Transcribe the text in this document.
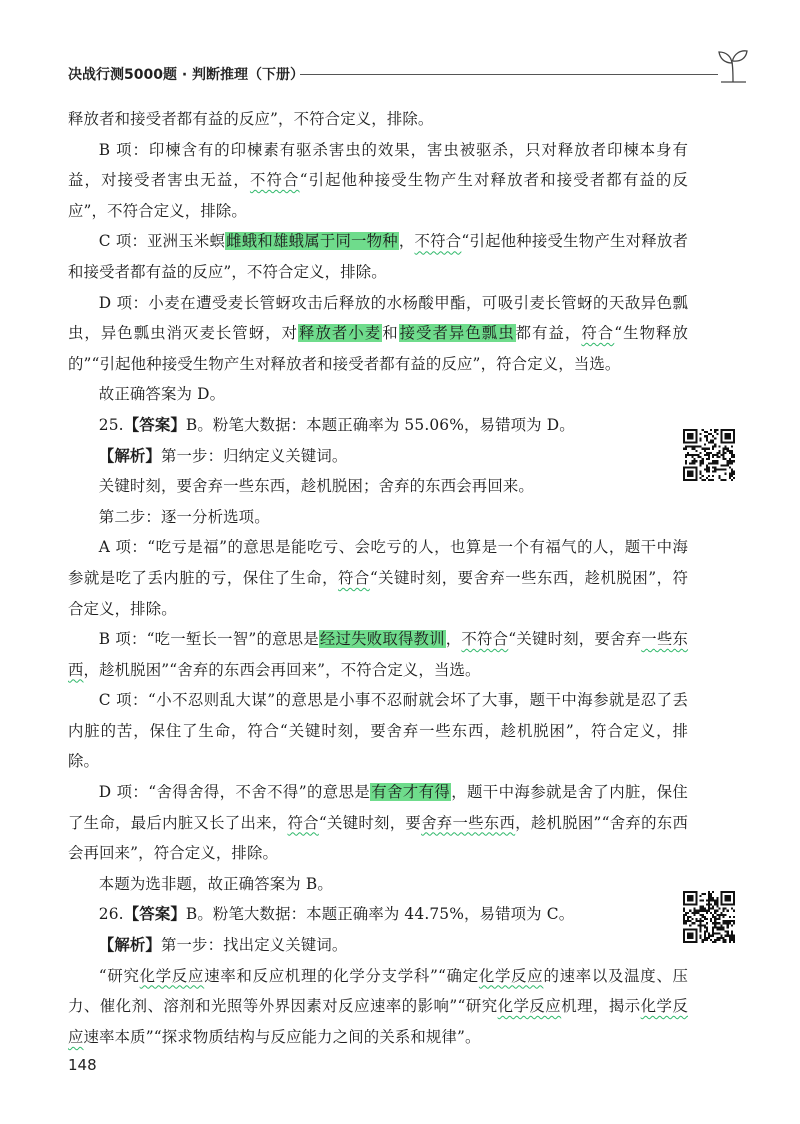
决战行测5000题 · 判断推理（下册）

释放者和接受者都有益的反应”，不符合定义，排除。

B 项：印楝含有的印楝素有驱杀害虫的效果，害虫被驱杀，只对释放者印楝本身有益，对接受者害虫无益，不符合“引起他种接受生物产生对释放者和接受者都有益的反应”，不符合定义，排除。

C 项：亚洲玉米螟雌蛾和雄蛾属于同一物种，不符合“引起他种接受生物产生对释放者和接受者都有益的反应”，不符合定义，排除。

D 项：小麦在遭受麦长管蚜攻击后释放的水杨酸甲酯，可吸引麦长管蚜的天敌异色瓢虫，异色瓢虫消灭麦长管蚜，对释放者小麦和接受者异色瓢虫都有益，符合“生物释放的”“引起他种接受生物产生对释放者和接受者都有益的反应”，符合定义，当选。

故正确答案为 D。

25.【答案】B。粉笔大数据：本题正确率为 55.06%，易错项为 D。

【解析】第一步：归纳定义关键词。

关键时刻，要舍弃一些东西，趁机脱困；舍弃的东西会再回来。

第二步：逐一分析选项。

A 项：“吃亏是福”的意思是能吃亏、会吃亏的人，也算是一个有福气的人，题干中海参就是吃了丢内脏的亏，保住了生命，符合“关键时刻，要舍弃一些东西，趁机脱困”，符合定义，排除。

B 项：“吃一堑长一智”的意思是经过失败取得教训，不符合“关键时刻，要舍弃一些东西，趁机脱困”“舍弃的东西会再回来”，不符合定义，当选。

C 项：“小不忍则乱大谋”的意思是小事不忍耐就会坏了大事，题干中海参就是忍了丢内脏的苦，保住了生命，符合“关键时刻，要舍弃一些东西，趁机脱困”，符合定义，排除。

D 项：“舍得舍得，不舍不得”的意思是有舍才有得，题干中海参就是舍了内脏，保住了生命，最后内脏又长了出来，符合“关键时刻，要舍弃一些东西，趁机脱困”“舍弃的东西会再回来”，符合定义，排除。

本题为选非题，故正确答案为 B。

26.【答案】B。粉笔大数据：本题正确率为 44.75%，易错项为 C。

【解析】第一步：找出定义关键词。

“研究化学反应速率和反应机理的化学分支学科”“确定化学反应的速率以及温度、压力、催化剂、溶剂和光照等外界因素对反应速率的影响”“研究化学反应机理，揭示化学反应速率本质”“探求物质结构与反应能力之间的关系和规律”。

148
